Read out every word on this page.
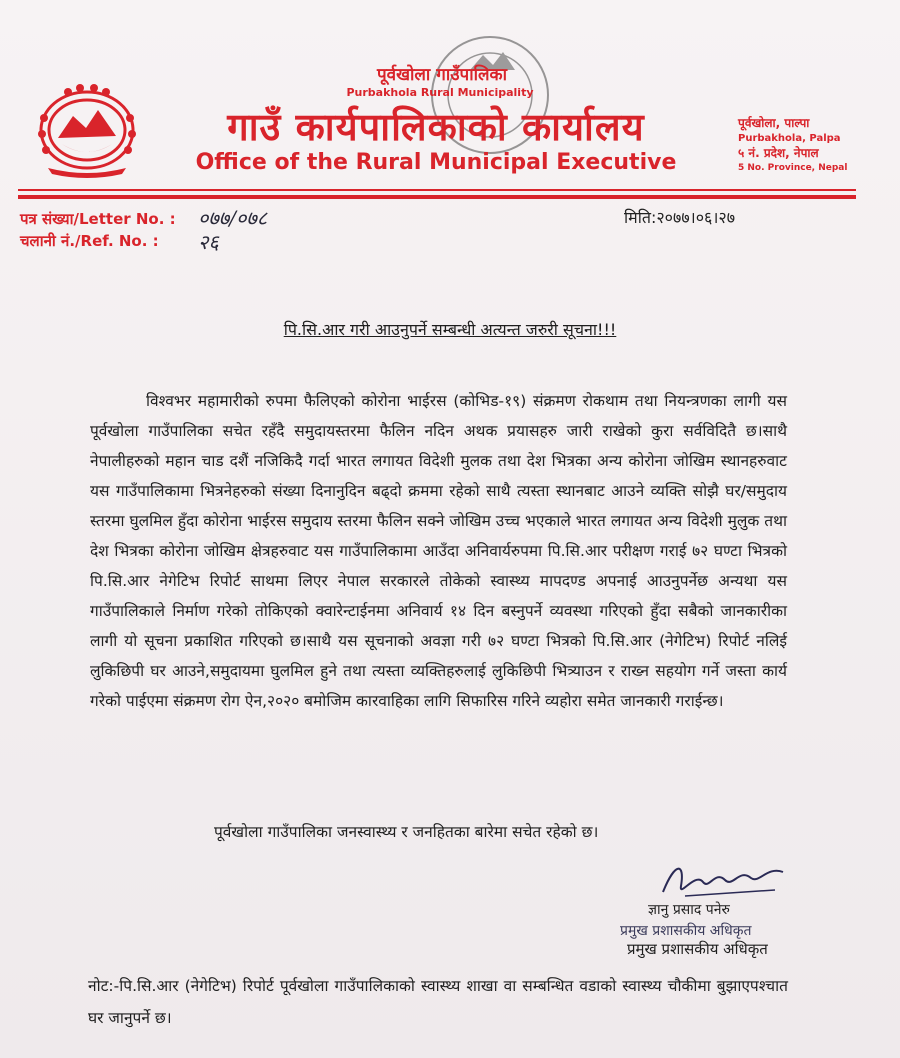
पूर्वखोला गाउँपालिका
Purbakhola Rural Municipality
गाउँ कार्यपालिकाको कार्यालय
Office of the Rural Municipal Executive
पूर्वखोला, पाल्पा
Purbakhola, Palpa
५ नं. प्रदेश, नेपाल
5 No. Province, Nepal
पत्र संख्या/Letter No. : ०७७/०७८
चलानी नं./Ref. No. : २६
मिति:२०७७।०६।२७
पि.सि.आर गरी आउनुपर्ने सम्बन्धी अत्यन्त जरुरी सूचना!!!
विश्वभर महामारीको रुपमा फैलिएको कोरोना भाईरस (कोभिड-१९) संक्रमण रोकथाम तथा नियन्त्रणका लागी यस पूर्वखोला गाउँपालिका सचेत रहँदै समुदायस्तरमा फैलिन नदिन अथक प्रयासहरु जारी राखेको कुरा सर्वविदितै छ।साथै नेपालीहरुको महान चाड दशैं नजिकिदै गर्दा भारत लगायत विदेशी मुलक तथा देश भित्रका अन्य कोरोना जोखिम स्थानहरुवाट यस गाउँपालिकामा भित्रनेहरुको संख्या दिनानुदिन बढ्दो क्रममा रहेको साथै त्यस्ता स्थानबाट आउने व्यक्ति सोझै घर/समुदाय स्तरमा घुलमिल हुँदा कोरोना भाईरस समुदाय स्तरमा फैलिन सक्ने जोखिम उच्च भएकाले भारत लगायत अन्य विदेशी मुलुक तथा देश भित्रका कोरोना जोखिम क्षेत्रहरुवाट यस गाउँपालिकामा आउँदा अनिवार्यरुपमा पि.सि.आर परीक्षण गराई ७२ घण्टा भित्रको पि.सि.आर नेगेटिभ रिपोर्ट साथमा लिएर नेपाल सरकारले तोकेको स्वास्थ्य मापदण्ड अपनाई आउनुपर्नेछ अन्यथा यस गाउँपालिकाले निर्माण गरेको तोकिएको क्वारेन्टाईनमा अनिवार्य १४ दिन बस्नुपर्ने व्यवस्था गरिएको हुँदा सबैको जानकारीका लागी यो सूचना प्रकाशित गरिएको छ।साथै यस सूचनाको अवज्ञा गरी ७२ घण्टा भित्रको पि.सि.आर (नेगेटिभ) रिपोर्ट नलिई लुकिछिपी घर आउने,समुदायमा घुलमिल हुने तथा त्यस्ता व्यक्तिहरुलाई लुकिछिपी भित्र्याउन र राख्न सहयोग गर्ने जस्ता कार्य गरेको पाईएमा संक्रमण रोग ऐन,२०२० बमोजिम कारवाहिका लागि सिफारिस गरिने व्यहोरा समेत जानकारी गराईन्छ।
पूर्वखोला गाउँपालिका जनस्वास्थ्य र जनहितका बारेमा सचेत रहेको छ।
ज्ञानु प्रसाद पनेरु
प्रमुख प्रशासकीय अधिकृत
प्रमुख प्रशासकीय अधिकृत
नोट:-पि.सि.आर (नेगेटिभ) रिपोर्ट पूर्वखोला गाउँपालिकाको स्वास्थ्य शाखा वा सम्बन्धित वडाको स्वास्थ्य चौकीमा बुझाएपश्चात घर जानुपर्ने छ।
